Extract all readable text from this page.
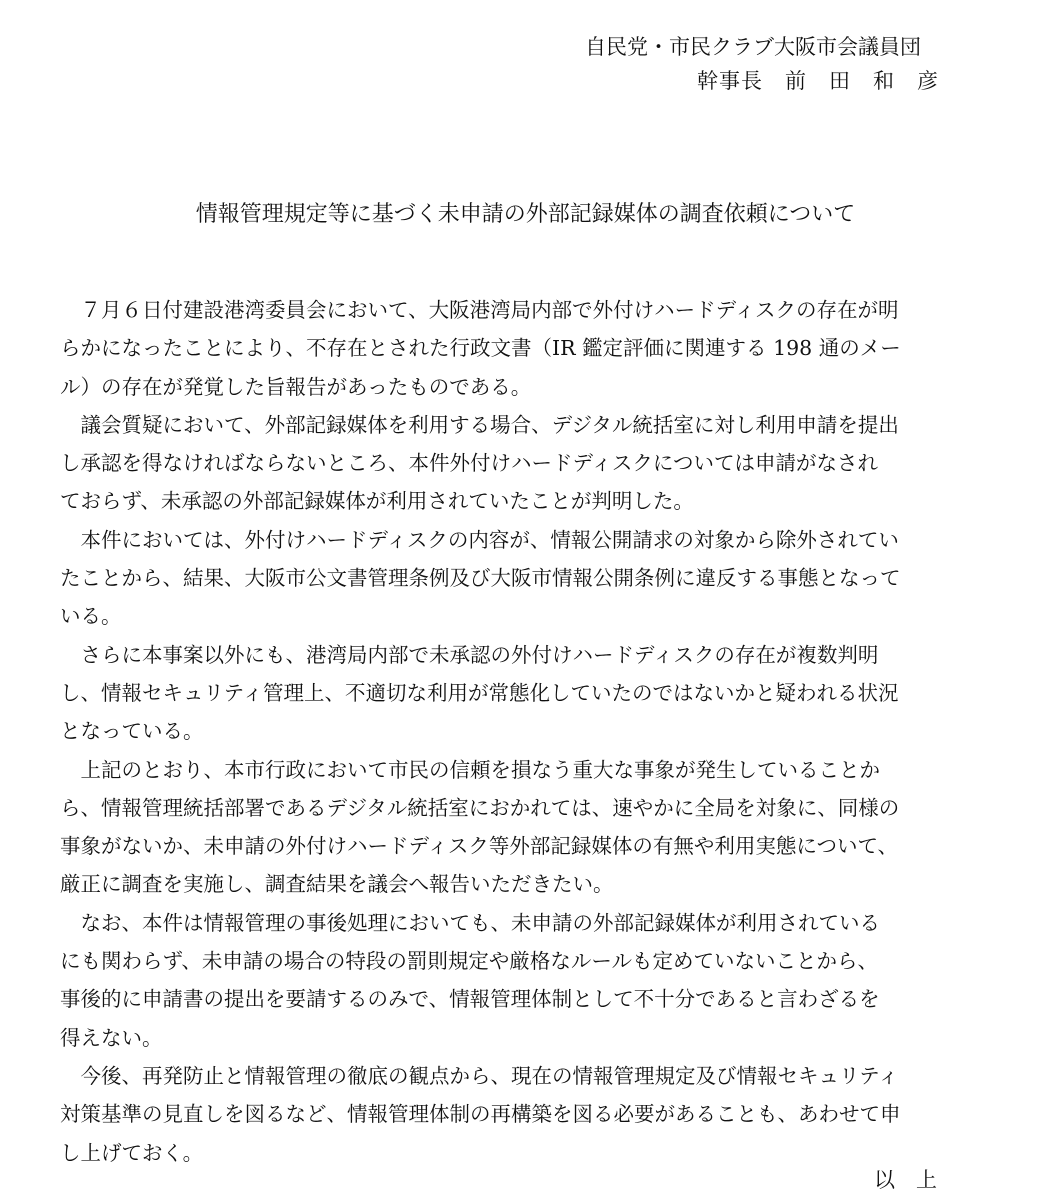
自民党・市民クラブ大阪市会議員団
幹事長　前　田　和　彦
情報管理規定等に基づく未申請の外部記録媒体の調査依頼について
　７月６日付建設港湾委員会において、大阪港湾局内部で外付けハードディスクの存在が明
らかになったことにより、不存在とされた行政文書（IR 鑑定評価に関連する 198 通のメー
ル）の存在が発覚した旨報告があったものである。
　議会質疑において、外部記録媒体を利用する場合、デジタル統括室に対し利用申請を提出
し承認を得なければならないところ、本件外付けハードディスクについては申請がなされ
ておらず、未承認の外部記録媒体が利用されていたことが判明した。
　本件においては、外付けハードディスクの内容が、情報公開請求の対象から除外されてい
たことから、結果、大阪市公文書管理条例及び大阪市情報公開条例に違反する事態となって
いる。
　さらに本事案以外にも、港湾局内部で未承認の外付けハードディスクの存在が複数判明
し、情報セキュリティ管理上、不適切な利用が常態化していたのではないかと疑われる状況
となっている。
　上記のとおり、本市行政において市民の信頼を損なう重大な事象が発生していることか
ら、情報管理統括部署であるデジタル統括室におかれては、速やかに全局を対象に、同様の
事象がないか、未申請の外付けハードディスク等外部記録媒体の有無や利用実態について、
厳正に調査を実施し、調査結果を議会へ報告いただきたい。
　なお、本件は情報管理の事後処理においても、未申請の外部記録媒体が利用されている
にも関わらず、未申請の場合の特段の罰則規定や厳格なルールも定めていないことから、
事後的に申請書の提出を要請するのみで、情報管理体制として不十分であると言わざるを
得えない。
　今後、再発防止と情報管理の徹底の観点から、現在の情報管理規定及び情報セキュリティ
対策基準の見直しを図るなど、情報管理体制の再構築を図る必要があることも、あわせて申
し上げておく。
以　上
